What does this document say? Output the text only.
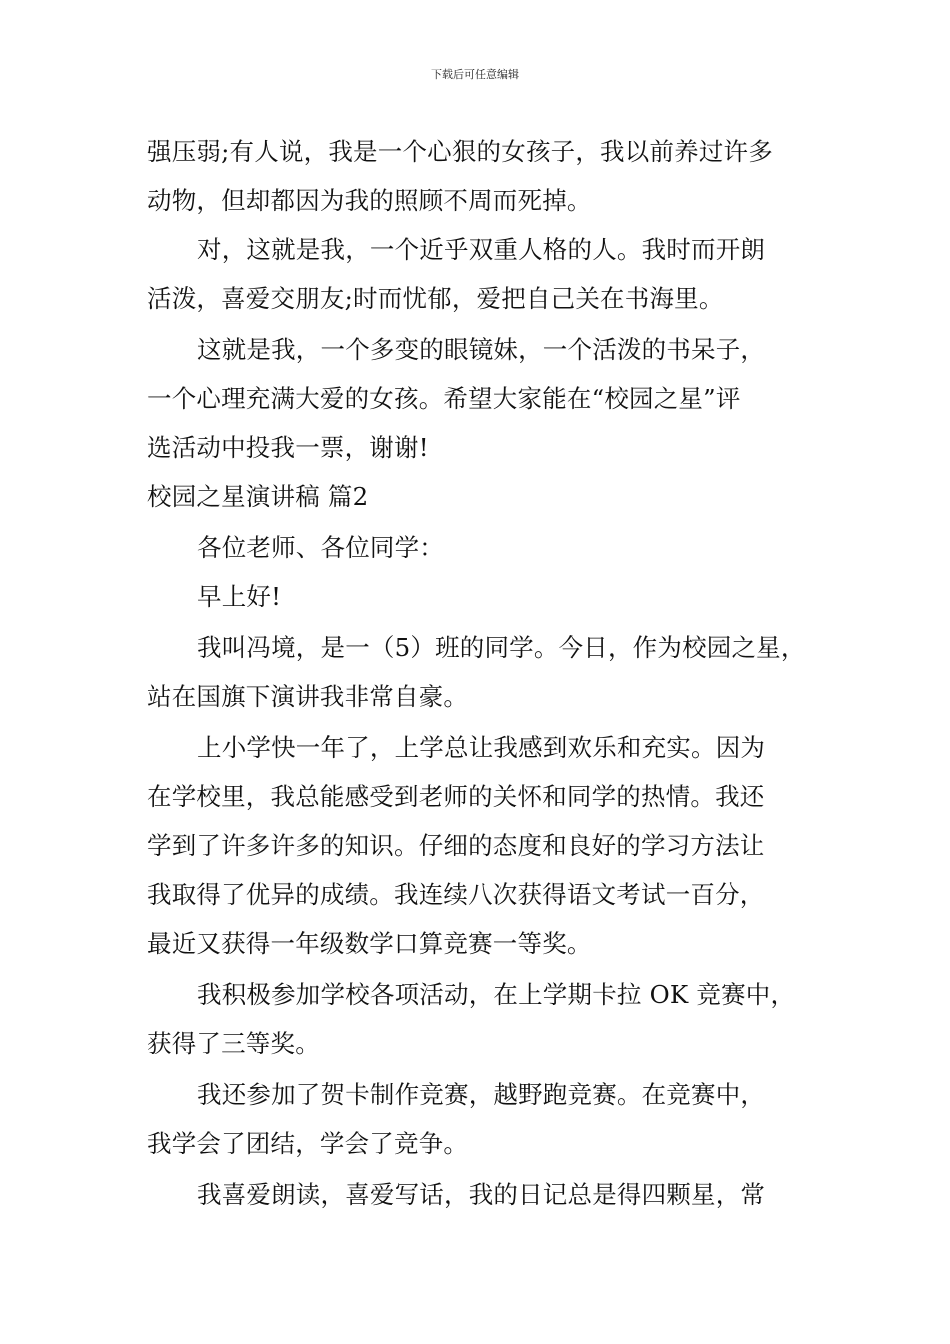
下载后可任意编辑
强压弱;有人说，我是一个心狠的女孩子，我以前养过许多
动物，但却都因为我的照顾不周而死掉。
对，这就是我，一个近乎双重人格的人。我时而开朗
活泼，喜爱交朋友;时而忧郁，爱把自己关在书海里。
这就是我，一个多变的眼镜妹，一个活泼的书呆子，
一个心理充满大爱的女孩。希望大家能在“校园之星”评
选活动中投我一票，谢谢!
校园之星演讲稿 篇2
各位老师、各位同学：
早上好!
我叫冯境，是一（5）班的同学。今日，作为校园之星，
站在国旗下演讲我非常自豪。
上小学快一年了，上学总让我感到欢乐和充实。因为
在学校里，我总能感受到老师的关怀和同学的热情。我还
学到了许多许多的知识。仔细的态度和良好的学习方法让
我取得了优异的成绩。我连续八次获得语文考试一百分，
最近又获得一年级数学口算竞赛一等奖。
我积极参加学校各项活动，在上学期卡拉 OK 竞赛中，
获得了三等奖。
我还参加了贺卡制作竞赛，越野跑竞赛。在竞赛中，
我学会了团结，学会了竞争。
我喜爱朗读，喜爱写话，我的日记总是得四颗星，常
